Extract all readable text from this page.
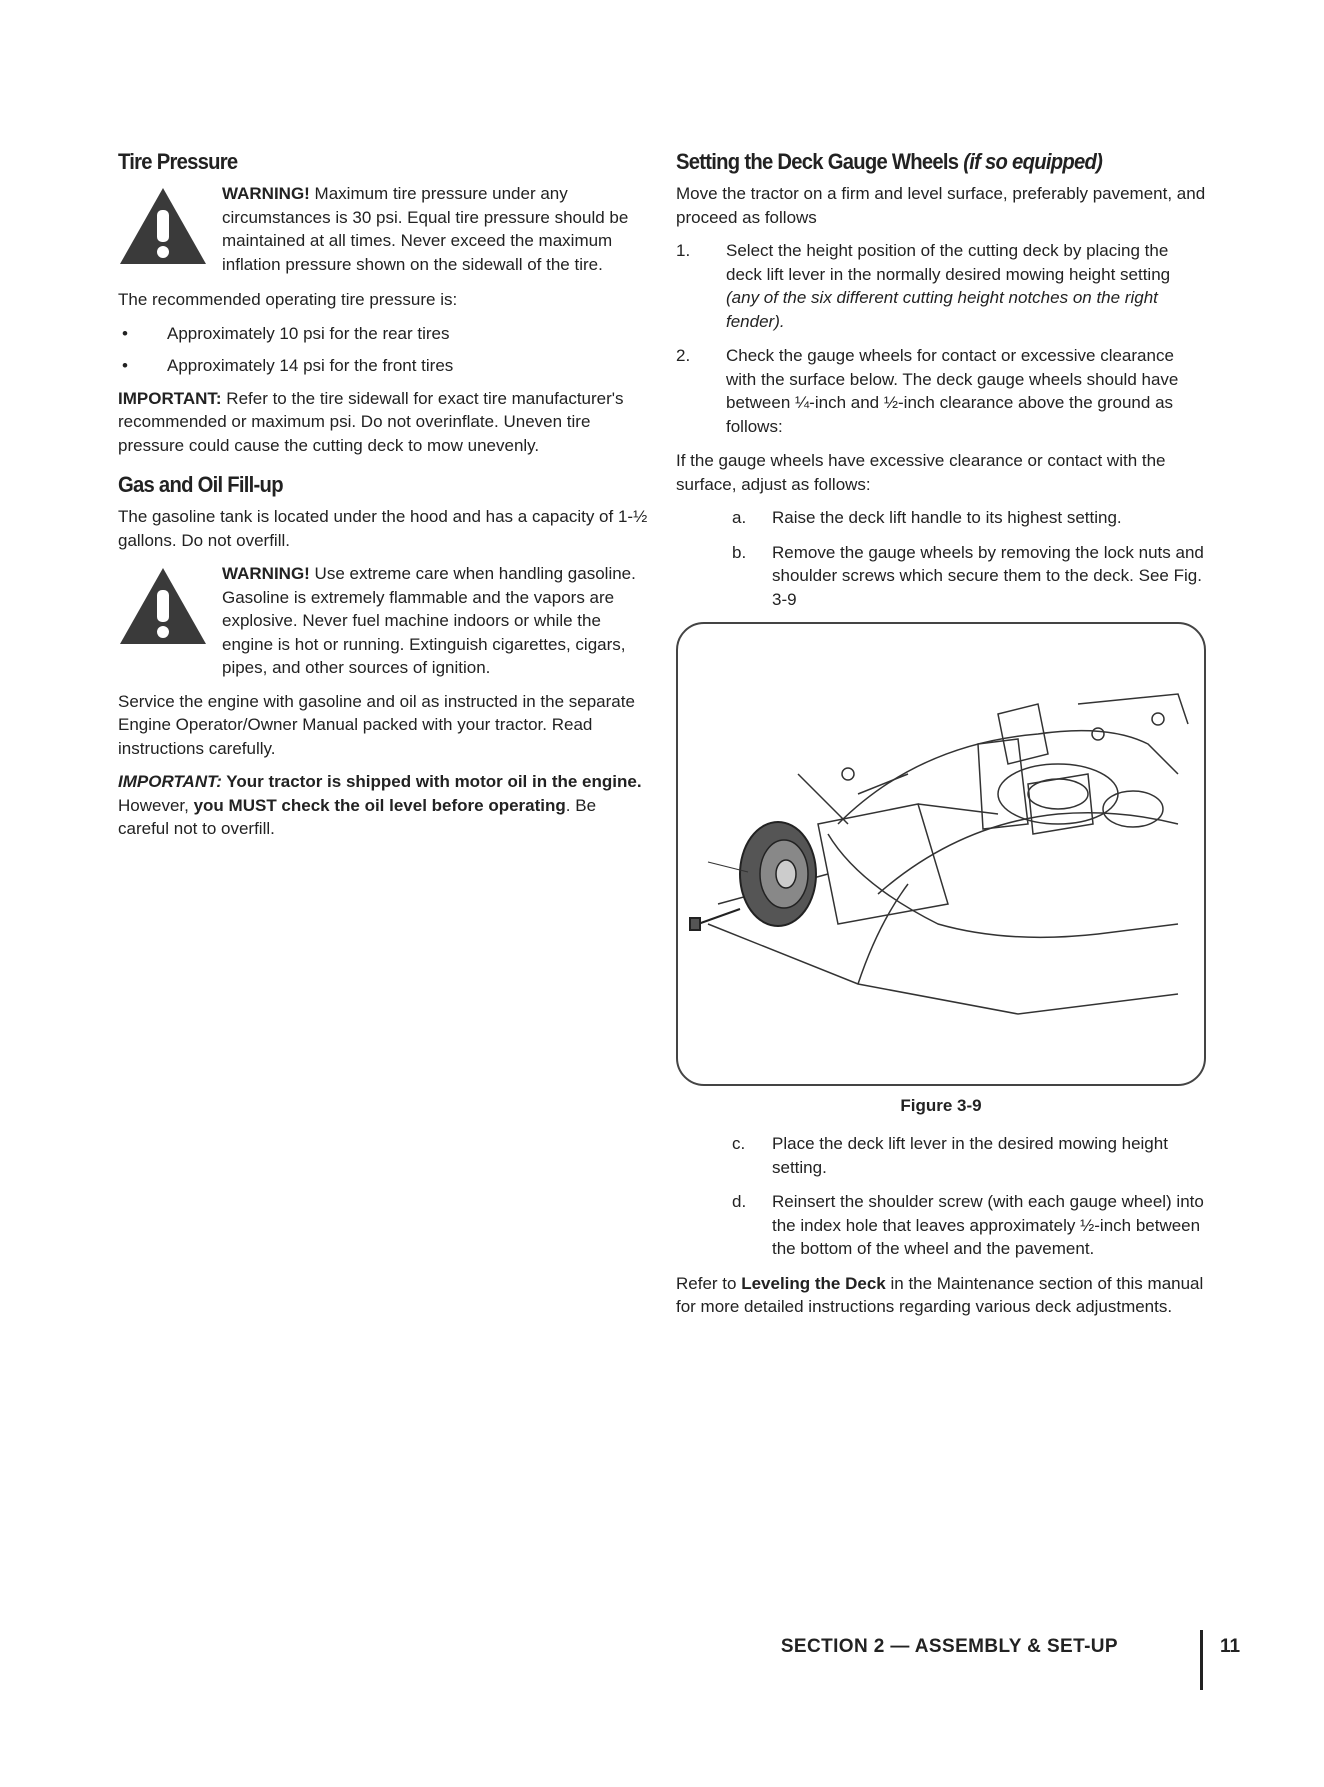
Tire Pressure

WARNING! Maximum tire pressure under any circumstances is 30 psi. Equal tire pressure should be maintained at all times. Never exceed the maximum inflation pressure shown on the sidewall of the tire.

The recommended operating tire pressure is:

•	Approximately 10 psi for the rear tires
•	Approximately 14 psi for the front tires

IMPORTANT: Refer to the tire sidewall for exact tire manufacturer's recommended or maximum psi. Do not overinflate. Uneven tire pressure could cause the cutting deck to mow unevenly.

Gas and Oil Fill-up

The gasoline tank is located under the hood and has a capacity of 1-½ gallons. Do not overfill.

WARNING! Use extreme care when handling gasoline. Gasoline is extremely flammable and the vapors are explosive. Never fuel machine indoors or while the engine is hot or running. Extinguish cigarettes, cigars, pipes, and other sources of ignition.

Service the engine with gasoline and oil as instructed in the separate Engine Operator/Owner Manual packed with your tractor. Read instructions carefully.

IMPORTANT: Your tractor is shipped with motor oil in the engine. However, you MUST check the oil level before operating. Be careful not to overfill.

Setting the Deck Gauge Wheels (if so equipped)

Move the tractor on a firm and level surface, preferably pavement, and proceed as follows

1.	Select the height position of the cutting deck by placing the deck lift lever in the normally desired mowing height setting (any of the six different cutting height notches on the right fender).
2.	Check the gauge wheels for contact or excessive clearance with the surface below. The deck gauge wheels should have between ¼-inch and ½-inch clearance above the ground as follows:

If the gauge wheels have excessive clearance or contact with the surface, adjust as follows:

a.	Raise the deck lift handle to its highest setting.
b.	Remove the gauge wheels by removing the lock nuts and shoulder screws which secure them to the deck. See Fig. 3-9
Figure 3-9
c.	Place the deck lift lever in the desired mowing height setting.
d.	Reinsert the shoulder screw (with each gauge wheel) into the index hole that leaves approximately ½-inch between the bottom of the wheel and the pavement.

Refer to Leveling the Deck in the Maintenance section of this manual for more detailed instructions regarding various deck adjustments.

SECTION 2 — ASSEMBLY & SET-UP	11
